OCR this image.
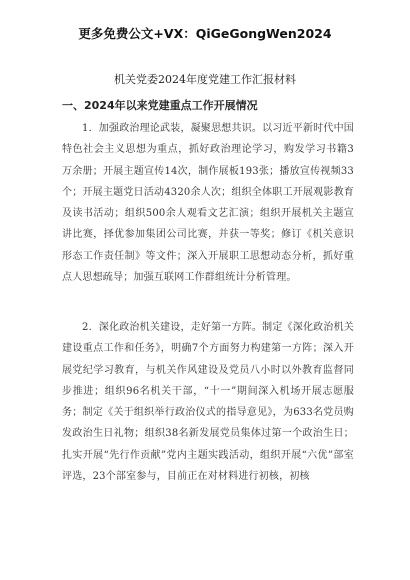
更多免费公文+VX：QiGeGongWen2024
机关党委2024年度党建工作汇报材料
一、2024年以来党建重点工作开展情况

1．加强政治理论武装，凝聚思想共识。以习近平新时代中国特色社会主义思想为重点，抓好政治理论学习，购发学习书籍3万余册；开展主题宣传14次，制作展板193张；播放宣传视频33个；开展主题党日活动4320余人次；组织全体职工开展观影教育及读书活动；组织500余人观看文艺汇演；组织开展机关主题宣讲比赛，择优参加集团公司比赛，并获一等奖；修订《机关意识形态工作责任制》等文件；深入开展职工思想动态分析，抓好重点人思想疏导；加强互联网工作群组统计分析管理。

2．深化政治机关建设，走好第一方阵。制定《深化政治机关建设重点工作和任务》，明确7个方面努力构建第一方阵；深入开展党纪学习教育，与机关作风建设及党员八小时以外教育监督同步推进；组织96名机关干部，“十一”期间深入机场开展志愿服务；制定《关于组织举行政治仪式的指导意见》，为633名党员购发政治生日礼物；组织38名新发展党员集体过第一个政治生日；扎实开展“先行作贡献”党内主题实践活动，组织开展“六优”部室评选，23个部室参与，目前正在对材料进行初核，初核
